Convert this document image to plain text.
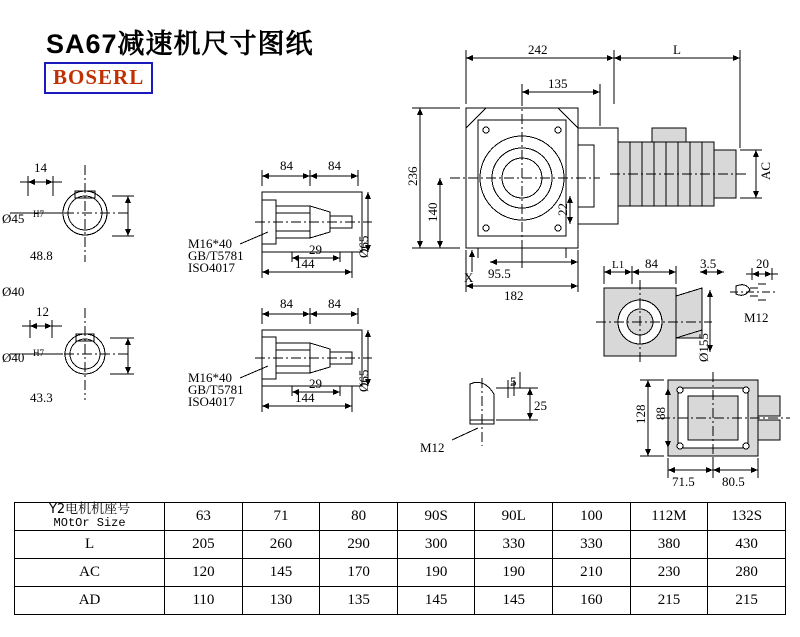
SA67减速机尺寸图纸
BOSERL
14
Ø45 H7
48.8
Ø40
12
Ø40 H7
43.3
84	84
29
144
Ø65
M16*40
GB/T5781
ISO4017
84	84
29
144
Ø65
M16*40
GB/T5781
ISO4017
242	L
135
236
140	22
AC
95.5
182
X
L1 84	3.5
Ø155
20
M12
5
25
M12
128 88
71.5 80.5
Y2电机机座号
MOtOr Size	63	71	80	90S	90L	100	112M	132S
L	205	260	290	300	330	330	380	430
AC	120	145	170	190	190	210	230	280
AD	110	130	135	145	145	160	215	215
